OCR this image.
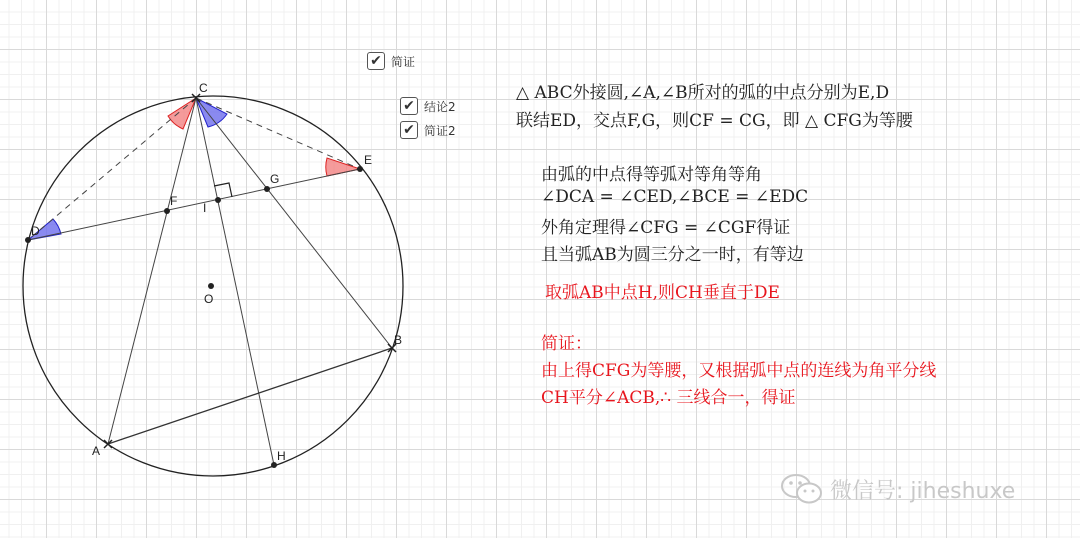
C
A
B
D
E
F
G
H
I
O
✔ 简证
✔ 结论2
✔ 简证2
△ ABC外接圆,∠A,∠B所对的弧的中点分别为E,D
联结ED，交点F,G，则CF = CG，即 △ CFG为等腰
由弧的中点得等弧对等角等角
∠DCA = ∠CED,∠BCE = ∠EDC
外角定理得∠CFG = ∠CGF得证
且当弧AB为圆三分之一时，有等边
取弧AB中点H,则CH垂直于DE
简证：
由上得CFG为等腰，又根据弧中点的连线为角平分线
CH平分∠ACB,∴ 三线合一，得证
微信号: jiheshuxe
